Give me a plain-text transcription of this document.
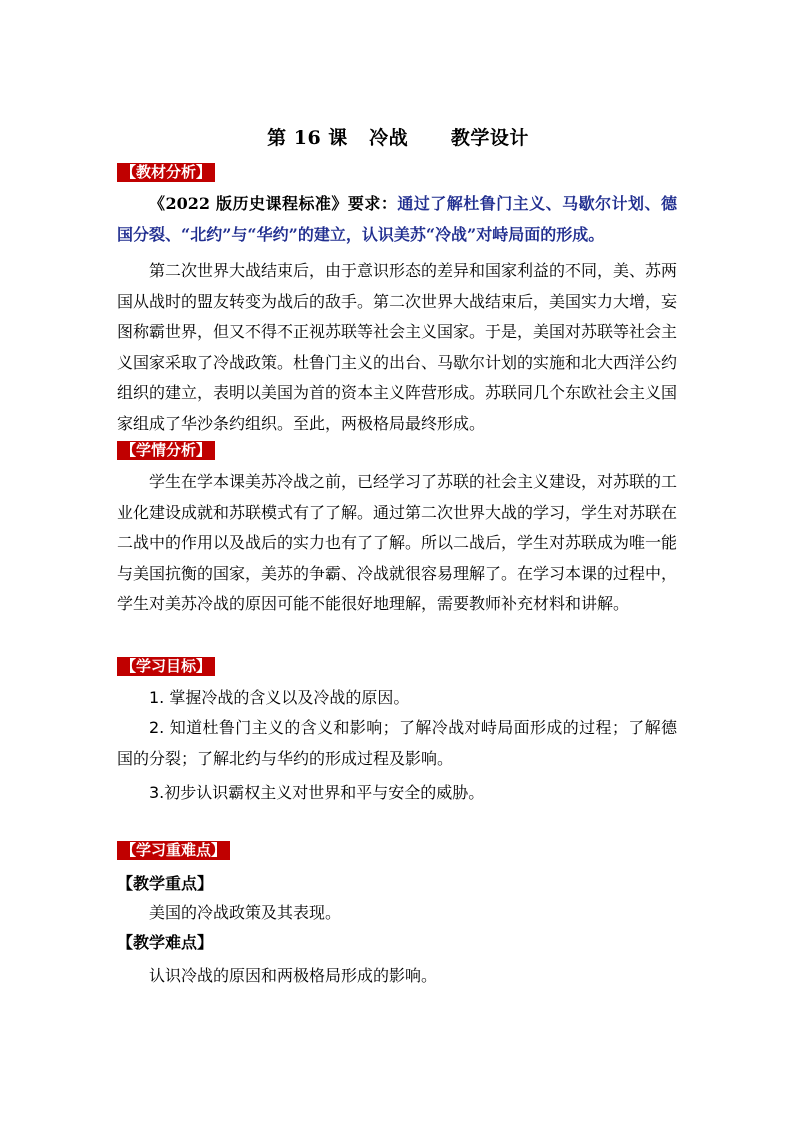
第 16 课   冷战      教学设计
【教材分析】
《2022 版历史课程标准》要求：通过了解杜鲁门主义、马歇尔计划、德国分裂、“北约”与“华约”的建立，认识美苏“冷战”对峙局面的形成。
第二次世界大战结束后，由于意识形态的差异和国家利益的不同，美、苏两国从战时的盟友转变为战后的敌手。第二次世界大战结束后，美国实力大增，妄图称霸世界，但又不得不正视苏联等社会主义国家。于是，美国对苏联等社会主义国家采取了冷战政策。杜鲁门主义的出台、马歇尔计划的实施和北大西洋公约组织的建立，表明以美国为首的资本主义阵营形成。苏联同几个东欧社会主义国家组成了华沙条约组织。至此，两极格局最终形成。
【学情分析】
学生在学本课美苏冷战之前，已经学习了苏联的社会主义建设，对苏联的工业化建设成就和苏联模式有了了解。通过第二次世界大战的学习，学生对苏联在二战中的作用以及战后的实力也有了了解。所以二战后，学生对苏联成为唯一能与美国抗衡的国家，美苏的争霸、冷战就很容易理解了。在学习本课的过程中，学生对美苏冷战的原因可能不能很好地理解，需要教师补充材料和讲解。
【学习目标】
1. 掌握冷战的含义以及冷战的原因。
2. 知道杜鲁门主义的含义和影响；了解冷战对峙局面形成的过程；了解德国的分裂；了解北约与华约的形成过程及影响。
3.初步认识霸权主义对世界和平与安全的威胁。
【学习重难点】
【教学重点】
美国的冷战政策及其表现。
【教学难点】
认识冷战的原因和两极格局形成的影响。
